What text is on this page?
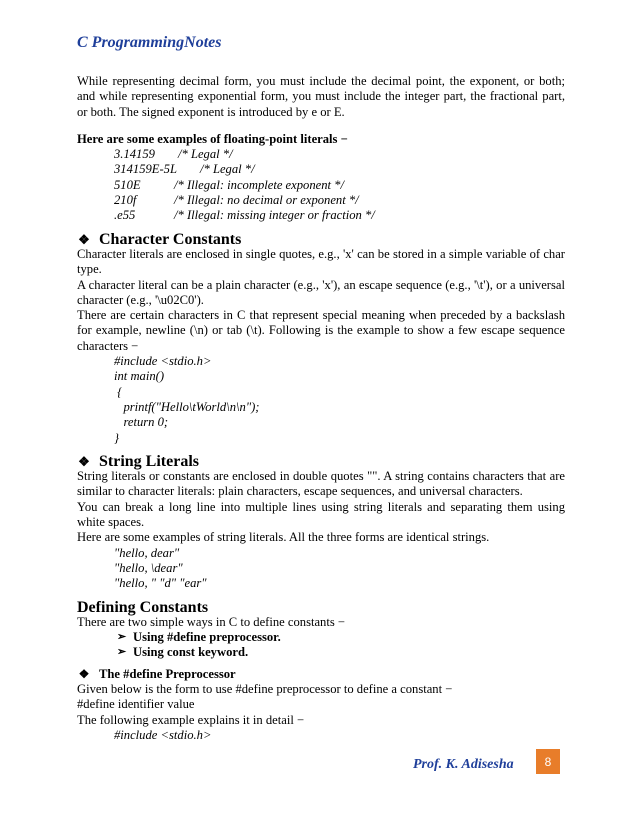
C ProgrammingNotes

While representing decimal form, you must include the decimal point, the exponent, or both; and while representing exponential form, you must include the integer part, the fractional part, or both. The signed exponent is introduced by e or E.

Here are some examples of floating-point literals −

3.14159	/* Legal */
314159E-5L	/* Legal */
510E	/* Illegal: incomplete exponent */
210f	/* Illegal: no decimal or exponent */
.e55	/* Illegal: missing integer or fraction */
❖ Character Constants

Character literals are enclosed in single quotes, e.g., 'x' can be stored in a simple variable of char type.

A character literal can be a plain character (e.g., 'x'), an escape sequence (e.g., '\t'), or a universal character (e.g., '\u02C0').

There are certain characters in C that represent special meaning when preceded by a backslash for example, newline (\n) or tab (\t). Following is the example to show a few escape sequence characters −

#include <stdio.h>
int main()
{
printf("Hello\tWorld\n\n");
return 0;
}
❖ String Literals

String literals or constants are enclosed in double quotes "". A string contains characters that are similar to character literals: plain characters, escape sequences, and universal characters.

You can break a long line into multiple lines using string literals and separating them using white spaces.

Here are some examples of string literals. All the three forms are identical strings.

"hello, dear"
"hello, \dear"
"hello, " "d" "ear"
Defining Constants

There are two simple ways in C to define constants −

➢ Using #define preprocessor.
➢ Using const keyword.
❖ The #define Preprocessor

Given below is the form to use #define preprocessor to define a constant −

#define identifier value

The following example explains it in detail −

#include <stdio.h>
Prof. K. Adisesha	8
